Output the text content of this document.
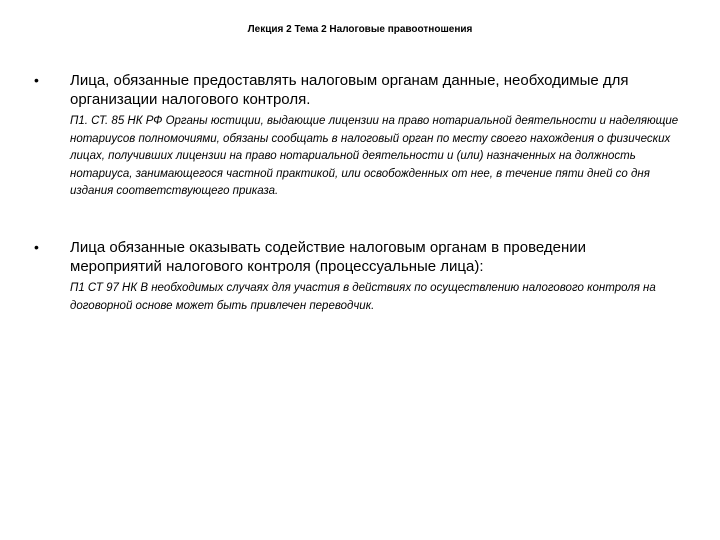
Лекция 2 Тема 2 Налоговые правоотношения
•	Лица, обязанные предоставлять налоговым органам данные, необходимые для организации налогового контроля.
П1. СТ. 85 НК РФ Органы юстиции, выдающие лицензии на право нотариальной деятельности и наделяющие нотариусов полномочиями, обязаны сообщать в налоговый орган по месту своего нахождения о физических лицах, получивших лицензии на право нотариальной деятельности и (или) назначенных на должность нотариуса, занимающегося частной практикой, или освобожденных от нее, в течение пяти дней со дня издания соответствующего приказа.
•	Лица обязанные оказывать содействие налоговым органам в проведении мероприятий налогового контроля (процессуальные лица):
П1 СТ 97 НК В необходимых случаях для участия в действиях по осуществлению налогового контроля на договорной основе может быть привлечен переводчик.
